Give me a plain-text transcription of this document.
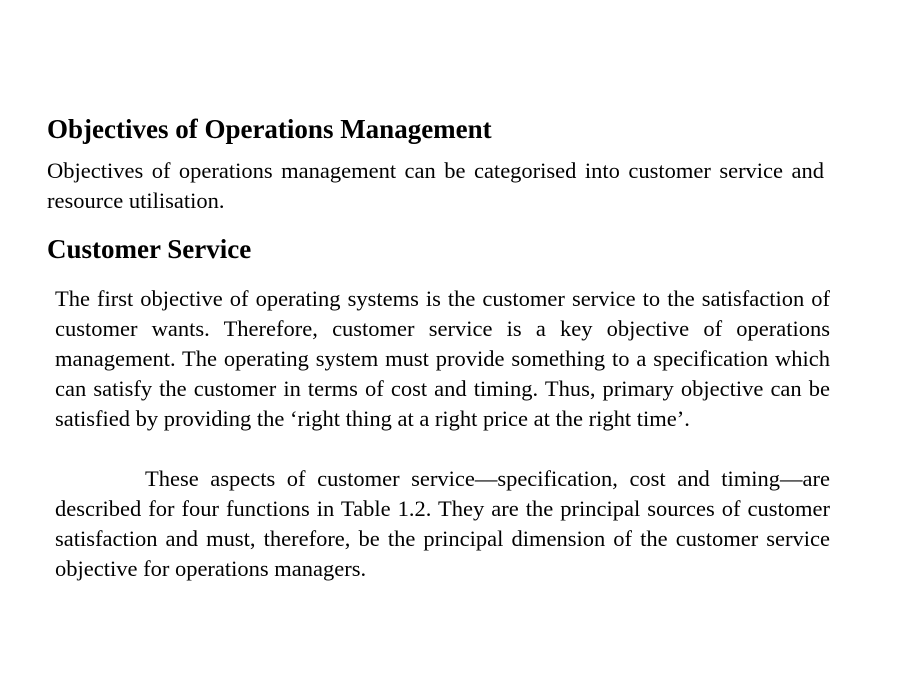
Objectives of Operations Management

Objectives of operations management can be categorised into customer service and resource utilisation.

Customer Service

The first objective of operating systems is the customer service to the satisfaction of customer wants. Therefore, customer service is a key objective of operations management. The operating system must provide something to a specification which can satisfy the customer in terms of cost and timing. Thus, primary objective can be satisfied by providing the ‘right thing at a right price at the right time’.

These aspects of customer service—specification, cost and timing—are described for four functions in Table 1.2. They are the principal sources of customer satisfaction and must, therefore, be the principal dimension of the customer service objective for operations managers.
